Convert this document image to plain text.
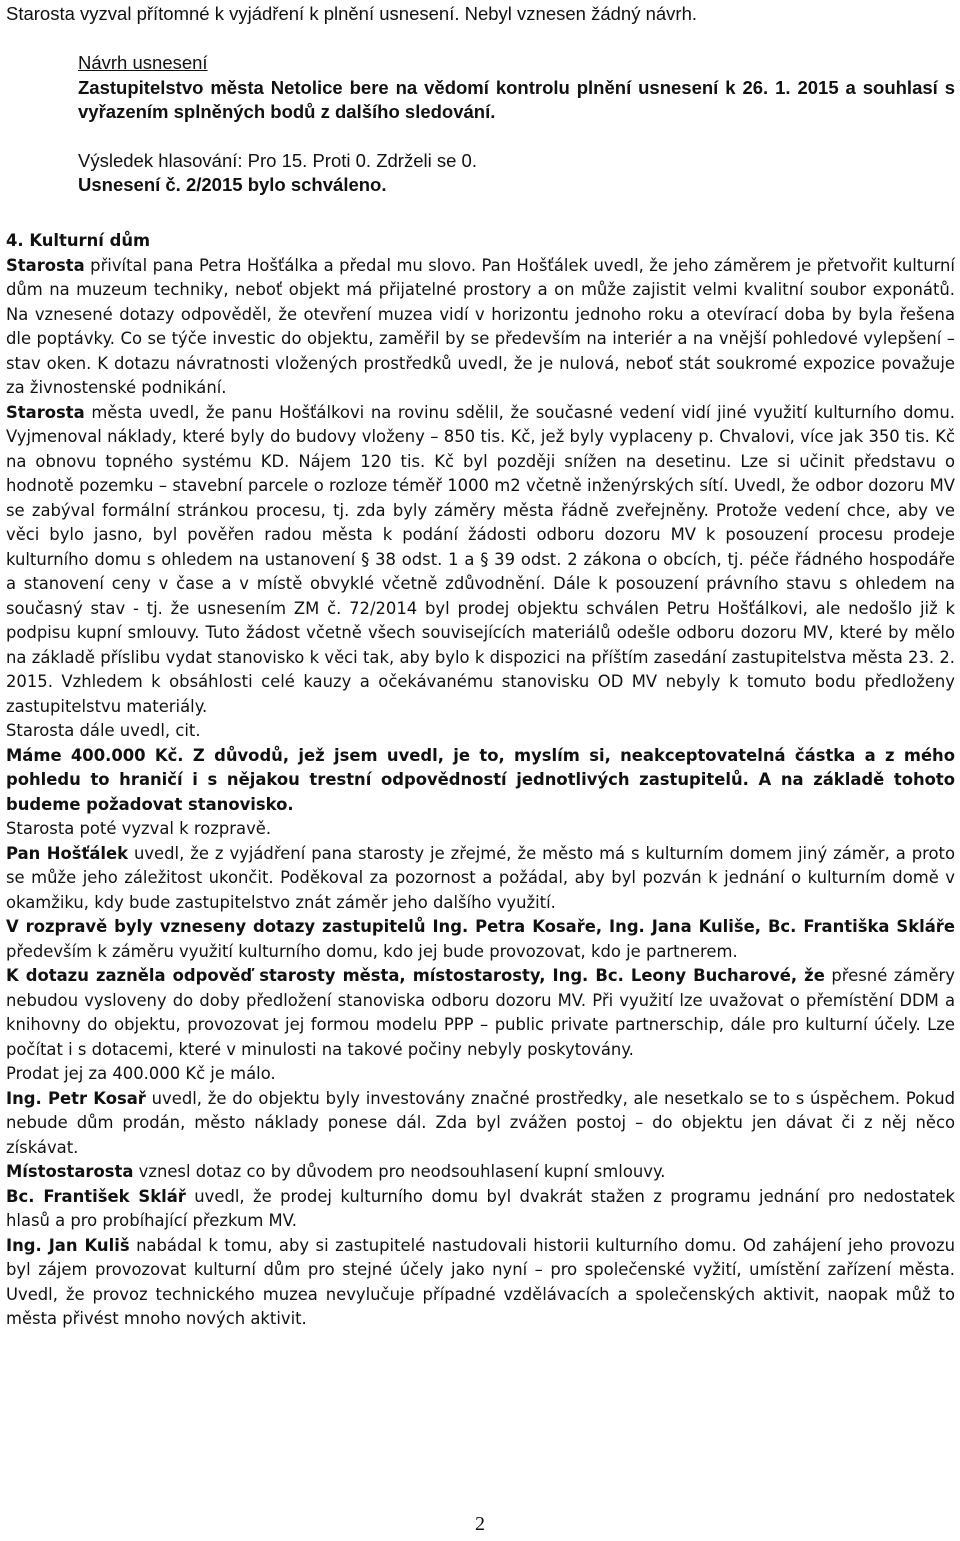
Starosta vyzval přítomné k vyjádření k plnění usnesení. Nebyl vznesen žádný návrh.

Návrh usnesení

Zastupitelstvo města Netolice bere na vědomí kontrolu plnění usnesení k 26. 1. 2015 a souhlasí s vyřazením splněných bodů z dalšího sledování.

Výsledek hlasování: Pro 15. Proti 0. Zdrželi se 0.

Usnesení č. 2/2015 bylo schváleno.

4. Kulturní dům

Starosta přivítal pana Petra Hošťálka a předal mu slovo. Pan Hošťálek uvedl, že jeho záměrem je přetvořit kulturní dům na muzeum techniky, neboť objekt má přijatelné prostory a on může zajistit velmi kvalitní soubor exponátů. Na vznesené dotazy odpověděl, že otevření muzea vidí v horizontu jednoho roku a otevírací doba by byla řešena dle poptávky. Co se týče investic do objektu, zaměřil by se především na interiér a na vnější pohledové vylepšení – stav oken. K dotazu návratnosti vložených prostředků uvedl, že je nulová, neboť stát soukromé expozice považuje za živnostenské podnikání.

Starosta města uvedl, že panu Hošťálkovi na rovinu sdělil, že současné vedení vidí jiné využití kulturního domu. Vyjmenoval náklady, které byly do budovy vloženy – 850 tis. Kč, jež byly vyplaceny p. Chvalovi, více jak 350 tis. Kč na obnovu topného systému KD. Nájem 120 tis. Kč byl později snížen na desetinu. Lze si učinit představu o hodnotě pozemku – stavební parcele o rozloze téměř 1000 m2 včetně inženýrských sítí. Uvedl, že odbor dozoru MV se zabýval formální stránkou procesu, tj. zda byly záměry města řádně zveřejněny. Protože vedení chce, aby ve věci bylo jasno, byl pověřen radou města k podání žádosti odboru dozoru MV k posouzení procesu prodeje kulturního domu s ohledem na ustanovení § 38 odst. 1 a § 39 odst. 2 zákona o obcích, tj. péče řádného hospodáře a stanovení ceny v čase a v místě obvyklé včetně zdůvodnění. Dále k posouzení právního stavu s ohledem na současný stav - tj. že usnesením ZM č. 72/2014 byl prodej objektu schválen Petru Hošťálkovi, ale nedošlo již k podpisu kupní smlouvy. Tuto žádost včetně všech souvisejících materiálů odešle odboru dozoru MV, které by mělo na základě příslibu vydat stanovisko k věci tak, aby bylo k dispozici na příštím zasedání zastupitelstva města 23. 2. 2015. Vzhledem k obsáhlosti celé kauzy a očekávanému stanovisku OD MV nebyly k tomuto bodu předloženy zastupitelstvu materiály.

Starosta dále uvedl, cit.

Máme 400.000 Kč. Z důvodů, jež jsem uvedl, je to, myslím si, neakceptovatelná částka a z mého pohledu to hraničí i s nějakou trestní odpovědností jednotlivých zastupitelů. A na základě tohoto budeme požadovat stanovisko.

Starosta poté vyzval k rozpravě.

Pan Hošťálek uvedl, že z vyjádření pana starosty je zřejmé, že město má s kulturním domem jiný záměr, a proto se může jeho záležitost ukončit. Poděkoval za pozornost a požádal, aby byl pozván k jednání o kulturním domě v okamžiku, kdy bude zastupitelstvo znát záměr jeho dalšího využití.

V rozpravě byly vzneseny dotazy zastupitelů Ing. Petra Kosaře, Ing. Jana Kuliše, Bc. Františka Skláře především k záměru využití kulturního domu, kdo jej bude provozovat, kdo je partnerem.

K dotazu zazněla odpověď starosty města, místostarosty, Ing. Bc. Leony Bucharové, že přesné záměry nebudou vysloveny do doby předložení stanoviska odboru dozoru MV. Při využití lze uvažovat o přemístění DDM a knihovny do objektu, provozovat jej formou modelu PPP – public private partnerschip, dále pro kulturní účely. Lze počítat i s dotacemi, které v minulosti na takové počiny nebyly poskytovány.

Prodat jej za 400.000 Kč je málo.

Ing. Petr Kosař uvedl, že do objektu byly investovány značné prostředky, ale nesetkalo se to s úspěchem. Pokud nebude dům prodán, město náklady ponese dál. Zda byl zvážen postoj – do objektu jen dávat či z něj něco získávat.

Místostarosta vznesl dotaz co by důvodem pro neodsouhlasení kupní smlouvy.

Bc. František Sklář uvedl, že prodej kulturního domu byl dvakrát stažen z programu jednání pro nedostatek hlasů a pro probíhající přezkum MV.

Ing. Jan Kuliš nabádal k tomu, aby si zastupitelé nastudovali historii kulturního domu. Od zahájení jeho provozu byl zájem provozovat kulturní dům pro stejné účely jako nyní – pro společenské vyžití, umístění zařízení města. Uvedl, že provoz technického muzea nevylučuje případné vzdělávacích a společenských aktivit, naopak můž to města přivést mnoho nových aktivit.

2
